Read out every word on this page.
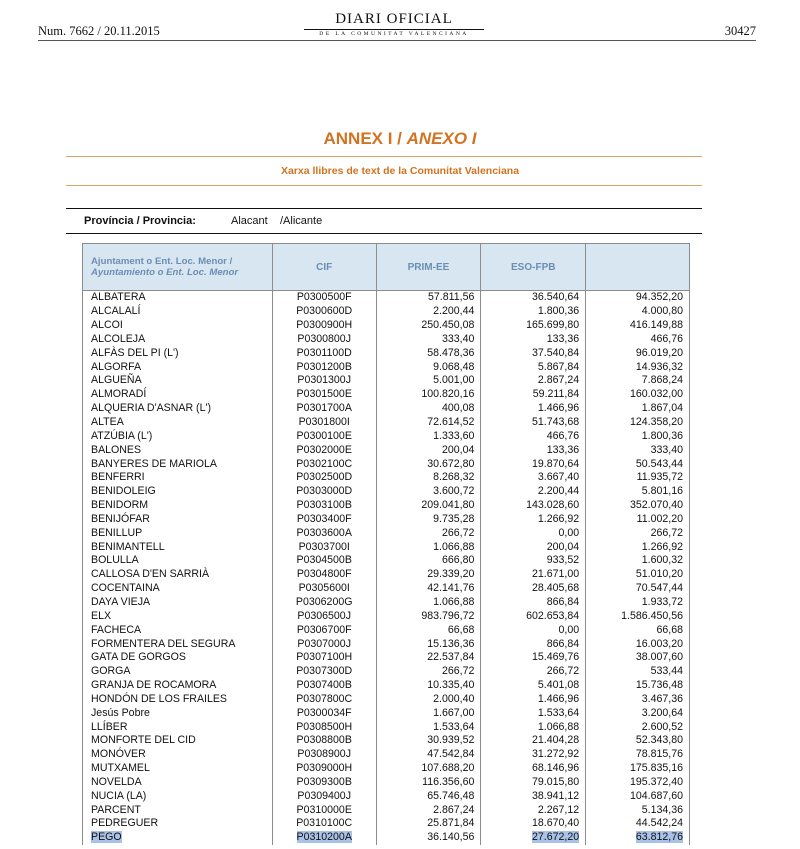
Num. 7662 / 20.11.2015
DIARI OFICIAL
DE LA COMUNITAT VALENCIANA	30427
ANNEX I / ANEXO I
Xarxa llibres de text de la Comunitat Valenciana
Província / Provincia:	Alacant /Alicante
Ajuntament o Ent. Loc. Menor /
Ayuntamiento o Ent. Loc. Menor	CIF	PRIM-EE	ESO-FPB	
ALBATERA	P0300500F	57.811,56	36.540,64	94.352,20
ALCALALÍ	P0300600D	2.200,44	1.800,36	4.000,80
ALCOI	P0300900H	250.450,08	165.699,80	416.149,88
ALCOLEJA	P0300800J	333,40	133,36	466,76
ALFÀS DEL PI (L')	P0301100D	58.478,36	37.540,84	96.019,20
ALGORFA	P0301200B	9.068,48	5.867,84	14.936,32
ALGUEÑA	P0301300J	5.001,00	2.867,24	7.868,24
ALMORADÍ	P0301500E	100.820,16	59.211,84	160.032,00
ALQUERIA D'ASNAR (L')	P0301700A	400,08	1.466,96	1.867,04
ALTEA	P0301800I	72.614,52	51.743,68	124.358,20
ATZÚBIA (L')	P0300100E	1.333,60	466,76	1.800,36
BALONES	P0302000E	200,04	133,36	333,40
BANYERES DE MARIOLA	P0302100C	30.672,80	19.870,64	50.543,44
BENFERRI	P0302500D	8.268,32	3.667,40	11.935,72
BENIDOLEIG	P0303000D	3.600,72	2.200,44	5.801,16
BENIDORM	P0303100B	209.041,80	143.028,60	352.070,40
BENIJÓFAR	P0303400F	9.735,28	1.266,92	11.002,20
BENILLUP	P0303600A	266,72	0,00	266,72
BENIMANTELL	P0303700I	1.066,88	200,04	1.266,92
BOLULLA	P0304500B	666,80	933,52	1.600,32
CALLOSA D'EN SARRIÀ	P0304800F	29.339,20	21.671,00	51.010,20
COCENTAINA	P0305600I	42.141,76	28.405,68	70.547,44
DAYA VIEJA	P0306200G	1.066,88	866,84	1.933,72
ELX	P0306500J	983.796,72	602.653,84	1.586.450,56
FACHECA	P0306700F	66,68	0,00	66,68
FORMENTERA DEL SEGURA	P0307000J	15.136,36	866,84	16.003,20
GATA DE GORGOS	P0307100H	22.537,84	15.469,76	38.007,60
GORGA	P0307300D	266,72	266,72	533,44
GRANJA DE ROCAMORA	P0307400B	10.335,40	5.401,08	15.736,48
HONDÓN DE LOS FRAILES	P0307800C	2.000,40	1.466,96	3.467,36
Jesús Pobre	P0300034F	1.667,00	1.533,64	3.200,64
LLÍBER	P0308500H	1.533,64	1.066,88	2.600,52
MONFORTE DEL CID	P0308800B	30.939,52	21.404,28	52.343,80
MONÓVER	P0308900J	47.542,84	31.272,92	78.815,76
MUTXAMEL	P0309000H	107.688,20	68.146,96	175.835,16
NOVELDA	P0309300B	116.356,60	79.015,80	195.372,40
NUCIA (LA)	P0309400J	65.746,48	38.941,12	104.687,60
PARCENT	P0310000E	2.867,24	2.267,12	5.134,36
PEDREGUER	P0310100C	25.871,84	18.670,40	44.542,24
PEGO	P0310200A	36.140,56	27.672,20	63.812,76
